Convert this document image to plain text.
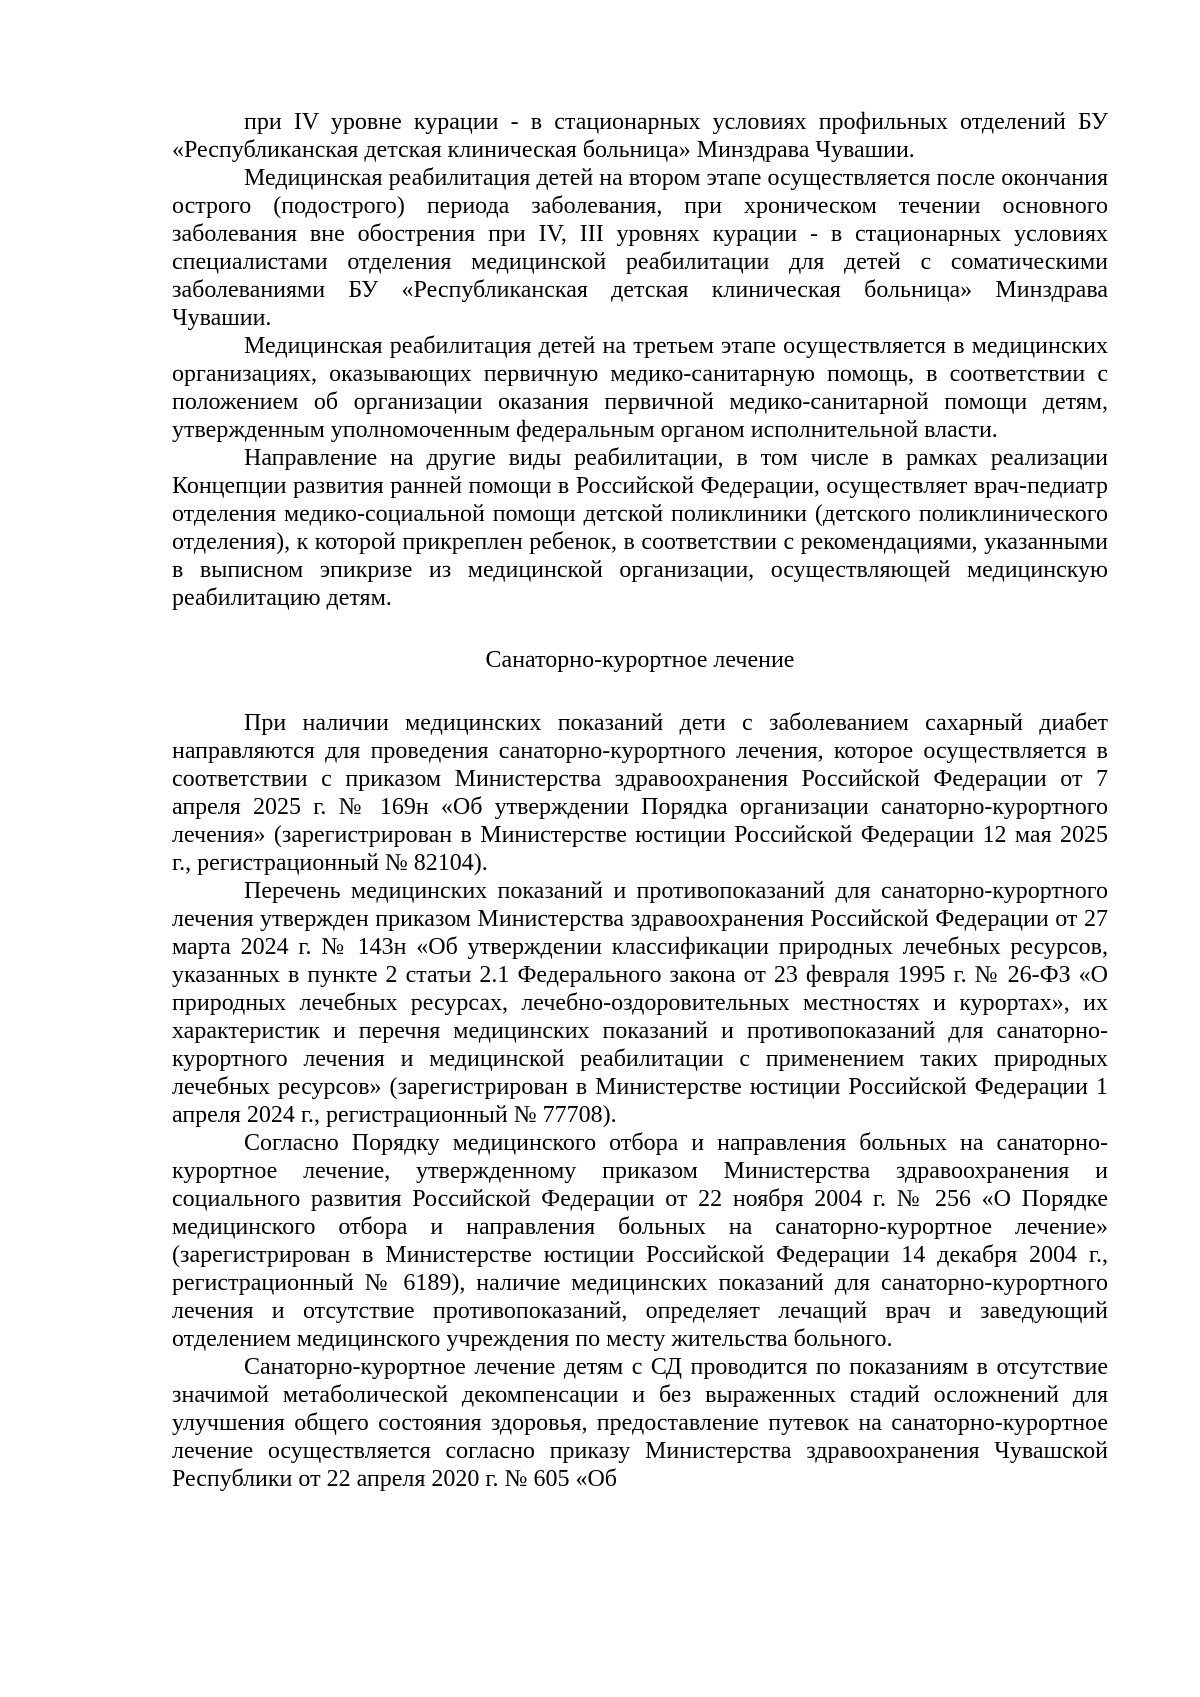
при IV уровне курации - в стационарных условиях профильных отделений БУ «Республиканская детская клиническая больница» Минздрава Чувашии.

Медицинская реабилитация детей на втором этапе осуществляется после окончания острого (подострого) периода заболевания, при хроническом течении основного заболевания вне обострения при IV, III уровнях курации - в стационарных условиях специалистами отделения медицинской реабилитации для детей с соматическими заболеваниями БУ «Республиканская детская клиническая больница» Минздрава Чувашии.

Медицинская реабилитация детей на третьем этапе осуществляется в медицинских организациях, оказывающих первичную медико-санитарную помощь, в соответствии с положением об организации оказания первичной медико-санитарной помощи детям, утвержденным уполномоченным федеральным органом исполнительной власти.

Направление на другие виды реабилитации, в том числе в рамках реализации Концепции развития ранней помощи в Российской Федерации, осуществляет врач-педиатр отделения медико-социальной помощи детской поликлиники (детского поликлинического отделения), к которой прикреплен ребенок, в соответствии с рекомендациями, указанными в выписном эпикризе из медицинской организации, осуществляющей медицинскую реабилитацию детям.

Санаторно-курортное лечение

При наличии медицинских показаний дети с заболеванием сахарный диабет направляются для проведения санаторно-курортного лечения, которое осуществляется в соответствии с приказом Министерства здравоохранения Российской Федерации от 7 апреля 2025 г. № 169н «Об утверждении Порядка организации санаторно-курортного лечения» (зарегистрирован в Министерстве юстиции Российской Федерации 12 мая 2025 г., регистрационный № 82104).

Перечень медицинских показаний и противопоказаний для санаторно-курортного лечения утвержден приказом Министерства здравоохранения Российской Федерации от 27 марта 2024 г. № 143н «Об утверждении классификации природных лечебных ресурсов, указанных в пункте 2 статьи 2.1 Федерального закона от 23 февраля 1995 г. № 26-ФЗ «О природных лечебных ресурсах, лечебно-оздоровительных местностях и курортах», их характеристик и перечня медицинских показаний и противопоказаний для санаторно-курортного лечения и медицинской реабилитации с применением таких природных лечебных ресурсов» (зарегистрирован в Министерстве юстиции Российской Федерации 1 апреля 2024 г., регистрационный № 77708).

Согласно Порядку медицинского отбора и направления больных на санаторно-курортное лечение, утвержденному приказом Министерства здравоохранения и социального развития Российской Федерации от 22 ноября 2004 г. № 256 «О Порядке медицинского отбора и направления больных на санаторно-курортное лечение» (зарегистрирован в Министерстве юстиции Российской Федерации 14 декабря 2004 г., регистрационный № 6189), наличие медицинских показаний для санаторно-курортного лечения и отсутствие противопоказаний, определяет лечащий врач и заведующий отделением медицинского учреждения по месту жительства больного.

Санаторно-курортное лечение детям с СД проводится по показаниям в отсутствие значимой метаболической декомпенсации и без выраженных стадий осложнений для улучшения общего состояния здоровья, предоставление путевок на санаторно-курортное лечение осуществляется согласно приказу Министерства здравоохранения Чувашской Республики от 22 апреля 2020 г. № 605 «Об
